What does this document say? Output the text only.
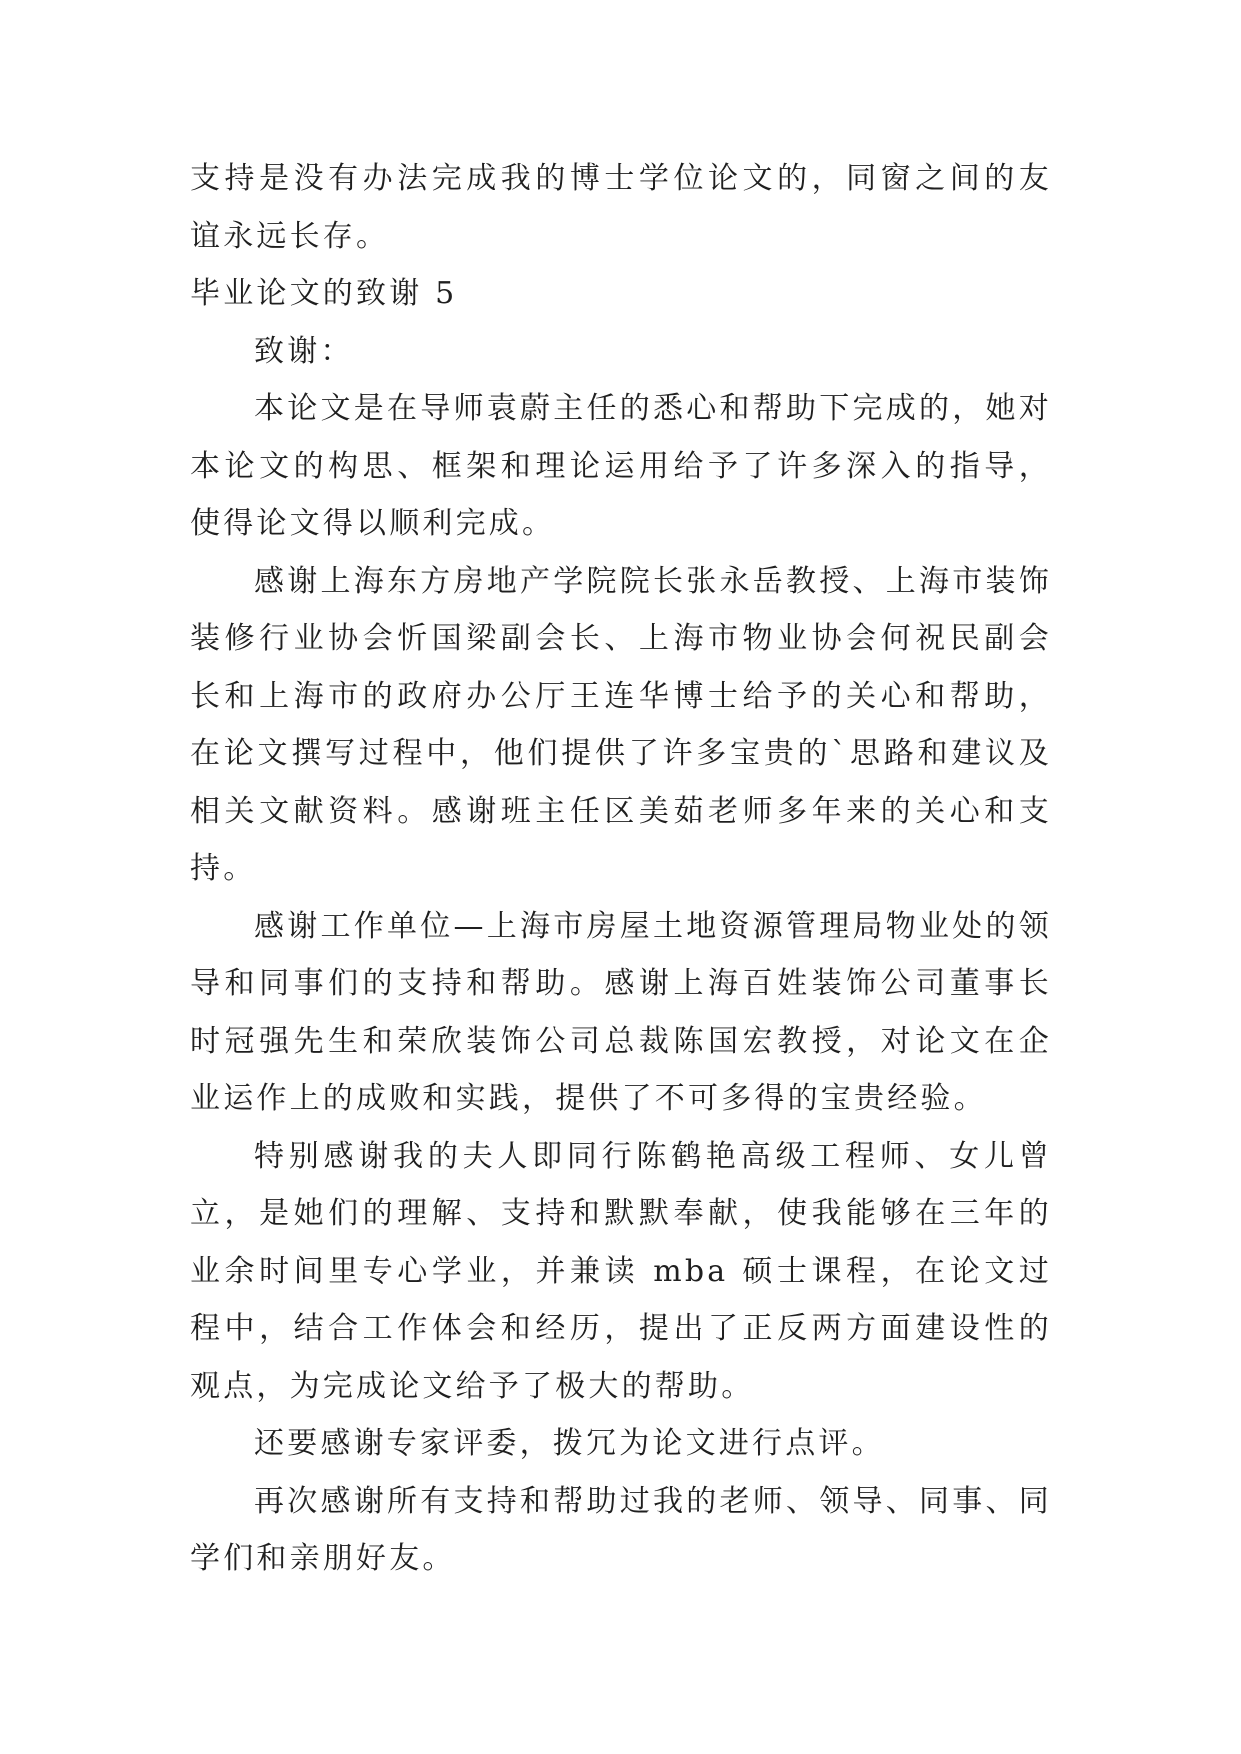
支持是没有办法完成我的博士学位论文的，同窗之间的友谊永远长存。

毕业论文的致谢 5

致谢：

本论文是在导师袁蔚主任的悉心和帮助下完成的，她对本论文的构思、框架和理论运用给予了许多深入的指导，使得论文得以顺利完成。

感谢上海东方房地产学院院长张永岳教授、上海市装饰装修行业协会忻国梁副会长、上海市物业协会何祝民副会长和上海市的政府办公厅王连华博士给予的关心和帮助，在论文撰写过程中，他们提供了许多宝贵的`思路和建议及相关文献资料。感谢班主任区美茹老师多年来的关心和支持。

感谢工作单位—上海市房屋土地资源管理局物业处的领导和同事们的支持和帮助。感谢上海百姓装饰公司董事长时冠强先生和荣欣装饰公司总裁陈国宏教授，对论文在企业运作上的成败和实践，提供了不可多得的宝贵经验。

特别感谢我的夫人即同行陈鹤艳高级工程师、女儿曾立，是她们的理解、支持和默默奉献，使我能够在三年的业余时间里专心学业，并兼读 mba 硕士课程，在论文过程中，结合工作体会和经历，提出了正反两方面建设性的观点，为完成论文给予了极大的帮助。

还要感谢专家评委，拨冗为论文进行点评。

再次感谢所有支持和帮助过我的老师、领导、同事、同学们和亲朋好友。
